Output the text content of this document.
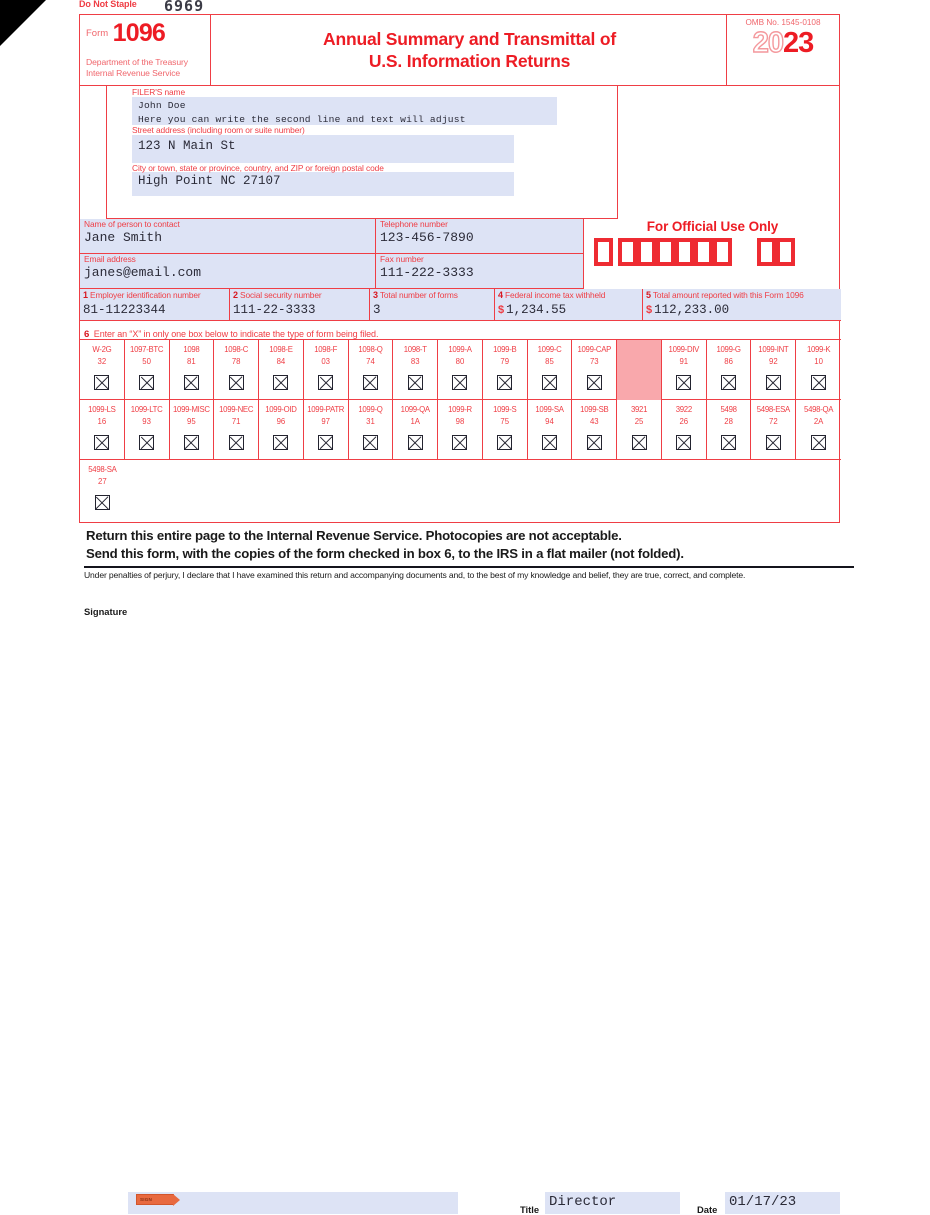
Do Not Staple 6969
Form 1096
Department of the Treasury
Internal Revenue Service
Annual Summary and Transmittal of
U.S. Information Returns
OMB No. 1545-0108
2023
FILER'S name
John Doe
Here you can write the second line and text will adjust
Street address (including room or suite number)
123 N Main St
City or town, state or province, country, and ZIP or foreign postal code
High Point NC 27107
Name of person to contact
Jane Smith
Telephone number
123-456-7890
Email address
janes@email.com
Fax number
111-222-3333
For Official Use Only
1 Employer identification number
81-11223344
2 Social security number
111-22-3333
3 Total number of forms
3
4 Federal income tax withheld
$ 1,234.55
5 Total amount reported with this Form 1096
$ 112,233.00
6 Enter an “X” in only one box below to indicate the type of form being filed.
W-2G
32
1097-BTC
50
1098
81
1098-C
78
1098-E
84
1098-F
03
1098-Q
74
1098-T
83
1099-A
80
1099-B
79
1099-C
85
1099-CAP
73
1099-DIV
91
1099-G
86
1099-INT
92
1099-K
10
1099-LS
16
1099-LTC
93
1099-MISC
95
1099-NEC
71
1099-OID
96
1099-PATR
97
1099-Q
31
1099-QA
1A
1099-R
98
1099-S
75
1099-SA
94
1099-SB
43
3921
25
3922
26
5498
28
5498-ESA
72
5498-QA
2A
5498-SA
27
Return this entire page to the Internal Revenue Service. Photocopies are not acceptable.
Send this form, with the copies of the form checked in box 6, to the IRS in a flat mailer (not folded).
Under penalties of perjury, I declare that I have examined this return and accompanying documents and, to the best of my knowledge and belief, they are true, correct, and complete.
Signature
SIGN
Title Director	Date 01/17/23
